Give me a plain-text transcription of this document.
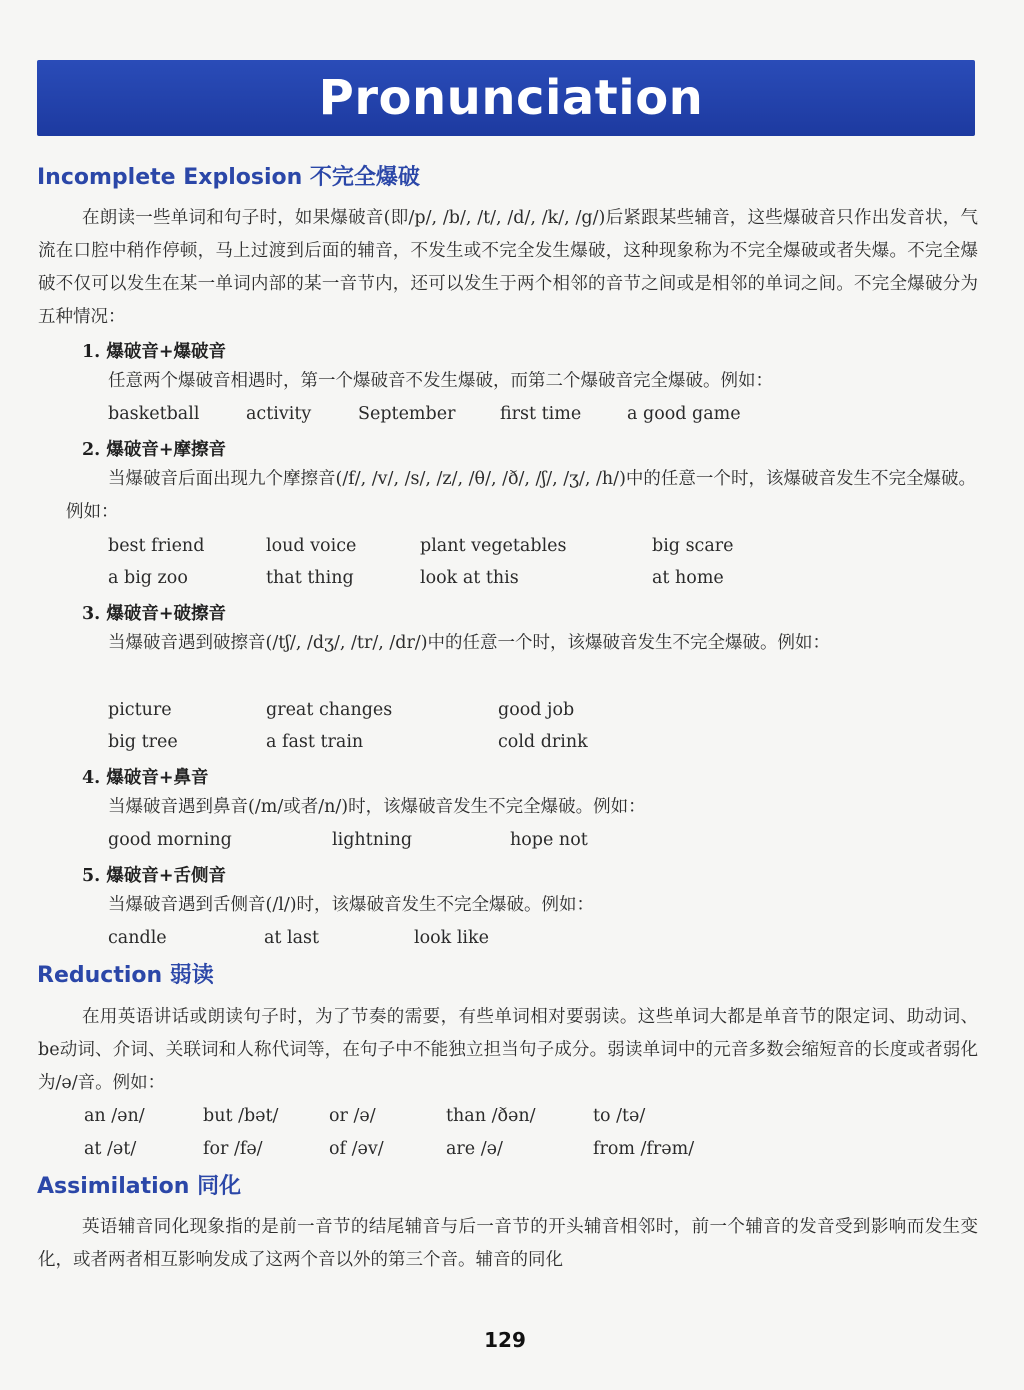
Pronunciation
Incomplete Explosion 不完全爆破

在朗读一些单词和句子时，如果爆破音(即/p/, /b/, /t/, /d/, /k/, /g/)后紧跟某些辅音，这些爆破音只作出发音状，气流在口腔中稍作停顿，马上过渡到后面的辅音，不发生或不完全发生爆破，这种现象称为不完全爆破或者失爆。不完全爆破不仅可以发生在某一单词内部的某一音节内，还可以发生于两个相邻的音节之间或是相邻的单词之间。不完全爆破分为五种情况：

1. 爆破音+爆破音

任意两个爆破音相遇时，第一个爆破音不发生爆破，而第二个爆破音完全爆破。例如：

basketball	activity	September	first time	a good game

2. 爆破音+摩擦音

当爆破音后面出现九个摩擦音(/f/, /v/, /s/, /z/, /θ/, /ð/, /ʃ/, /ʒ/, /h/)中的任意一个时，该爆破音发生不完全爆破。例如：

best friend	loud voice	plant vegetables	big scare
a big zoo	that thing	look at this	at home

3. 爆破音+破擦音

当爆破音遇到破擦音(/tʃ/, /dʒ/, /tr/, /dr/)中的任意一个时，该爆破音发生不完全爆破。例如：

picture	great changes	good job
big tree	a fast train	cold drink

4. 爆破音+鼻音

当爆破音遇到鼻音(/m/或者/n/)时，该爆破音发生不完全爆破。例如：

good morning	lightning	hope not

5. 爆破音+舌侧音

当爆破音遇到舌侧音(/l/)时，该爆破音发生不完全爆破。例如：

candle	at last	look like
Reduction 弱读

在用英语讲话或朗读句子时，为了节奏的需要，有些单词相对要弱读。这些单词大都是单音节的限定词、助动词、be动词、介词、关联词和人称代词等，在句子中不能独立担当句子成分。弱读单词中的元音多数会缩短音的长度或者弱化为/ə/音。例如：

an /ən/	but /bət/	or /ə/	than /ðən/	to /tə/
at /ət/	for /fə/	of /əv/	are /ə/	from /frəm/
Assimilation 同化

英语辅音同化现象指的是前一音节的结尾辅音与后一音节的开头辅音相邻时，前一个辅音的发音受到影响而发生变化，或者两者相互影响发成了这两个音以外的第三个音。辅音的同化

129
